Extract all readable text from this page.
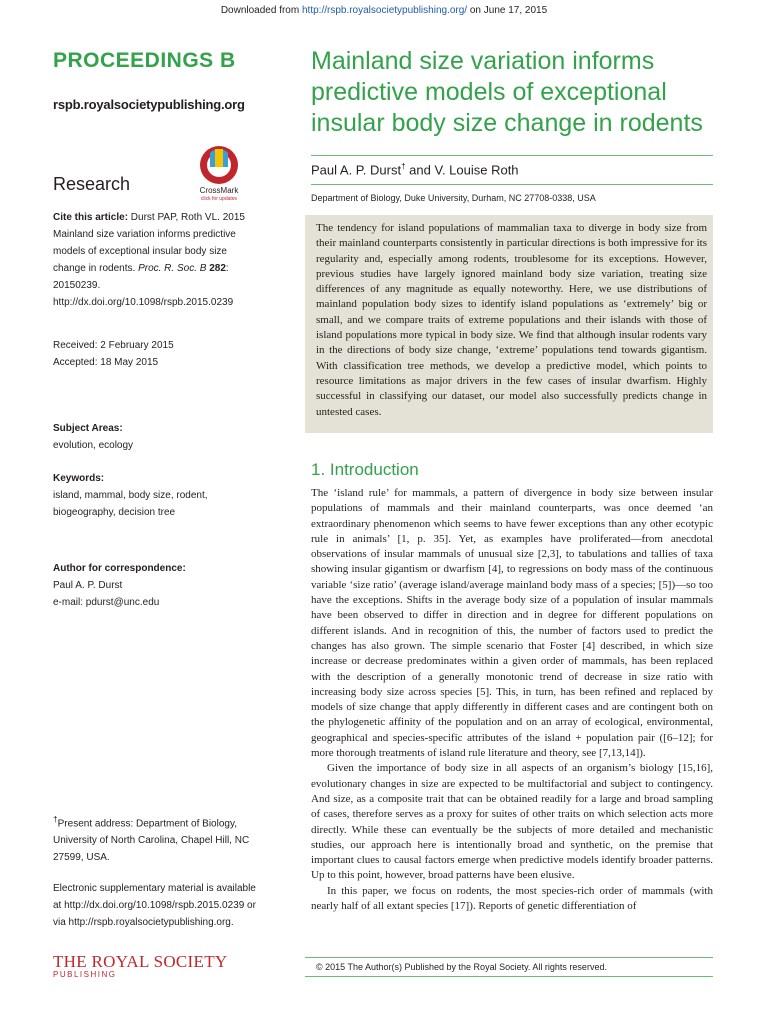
Downloaded from http://rspb.royalsocietypublishing.org/ on June 17, 2015
PROCEEDINGS B
rspb.royalsocietypublishing.org
Research	CrossMark
click for updates
Cite this article: Durst PAP, Roth VL. 2015 Mainland size variation informs predictive models of exceptional insular body size change in rodents. Proc. R. Soc. B 282: 20150239.
http://dx.doi.org/10.1098/rspb.2015.0239
Received: 2 February 2015
Accepted: 18 May 2015
Subject Areas:
evolution, ecology
Keywords:
island, mammal, body size, rodent,
biogeography, decision tree
Author for correspondence:
Paul A. P. Durst
e-mail: pdurst@unc.edu
†Present address: Department of Biology, University of North Carolina, Chapel Hill, NC 27599, USA.
Electronic supplementary material is available at http://dx.doi.org/10.1098/rspb.2015.0239 or via http://rspb.royalsocietypublishing.org.
THE ROYAL SOCIETY
PUBLISHING
Mainland size variation informs predictive models of exceptional insular body size change in rodents
Paul A. P. Durst† and V. Louise Roth
Department of Biology, Duke University, Durham, NC 27708-0338, USA
The tendency for island populations of mammalian taxa to diverge in body size from their mainland counterparts consistently in particular directions is both impressive for its regularity and, especially among rodents, troublesome for its exceptions. However, previous studies have largely ignored mainland body size variation, treating size differences of any magnitude as equally noteworthy. Here, we use distributions of mainland population body sizes to identify island populations as ‘extremely’ big or small, and we compare traits of extreme populations and their islands with those of island populations more typical in body size. We find that although insular rodents vary in the directions of body size change, ‘extreme’ populations tend towards gigantism. With classification tree methods, we develop a predictive model, which points to resource limitations as major drivers in the few cases of insular dwarfism. Highly successful in classifying our dataset, our model also successfully predicts change in untested cases.
1. Introduction

The ‘island rule’ for mammals, a pattern of divergence in body size between insular populations of mammals and their mainland counterparts, was once deemed ‘an extraordinary phenomenon which seems to have fewer exceptions than any other ecotypic rule in animals’ [1, p. 35]. Yet, as examples have proliferated—from anecdotal observations of insular mammals of unusual size [2,3], to tabulations and tallies of taxa showing insular gigantism or dwarfism [4], to regressions on body mass of the continuous variable ‘size ratio’ (average island/average mainland body mass of a species; [5])—so too have the exceptions. Shifts in the average body size of a population of insular mammals have been observed to differ in direction and in degree for different populations on different islands. And in recognition of this, the number of factors used to predict the changes has also grown. The simple scenario that Foster [4] described, in which size increase or decrease predominates within a given order of mammals, has been replaced with the description of a generally monotonic trend of decrease in size ratio with increasing body size across species [5]. This, in turn, has been refined and replaced by models of size change that apply differently in different cases and are contingent both on the phylogenetic affinity of the population and on an array of ecological, environmental, geographical and species-specific attributes of the island + population pair ([6–12]; for more thorough treatments of island rule literature and theory, see [7,13,14]).

Given the importance of body size in all aspects of an organism’s biology [15,16], evolutionary changes in size are expected to be multifactorial and subject to contingency. And size, as a composite trait that can be obtained readily for a large and broad sampling of cases, therefore serves as a proxy for suites of other traits on which selection acts more directly. While these can eventually be the subjects of more detailed and mechanistic studies, our approach here is intentionally broad and synthetic, on the premise that important clues to causal factors emerge when predictive models identify broader patterns. Up to this point, however, broad patterns have been elusive.

In this paper, we focus on rodents, the most species-rich order of mammals (with nearly half of all extant species [17]). Reports of genetic differentiation of

© 2015 The Author(s) Published by the Royal Society. All rights reserved.
